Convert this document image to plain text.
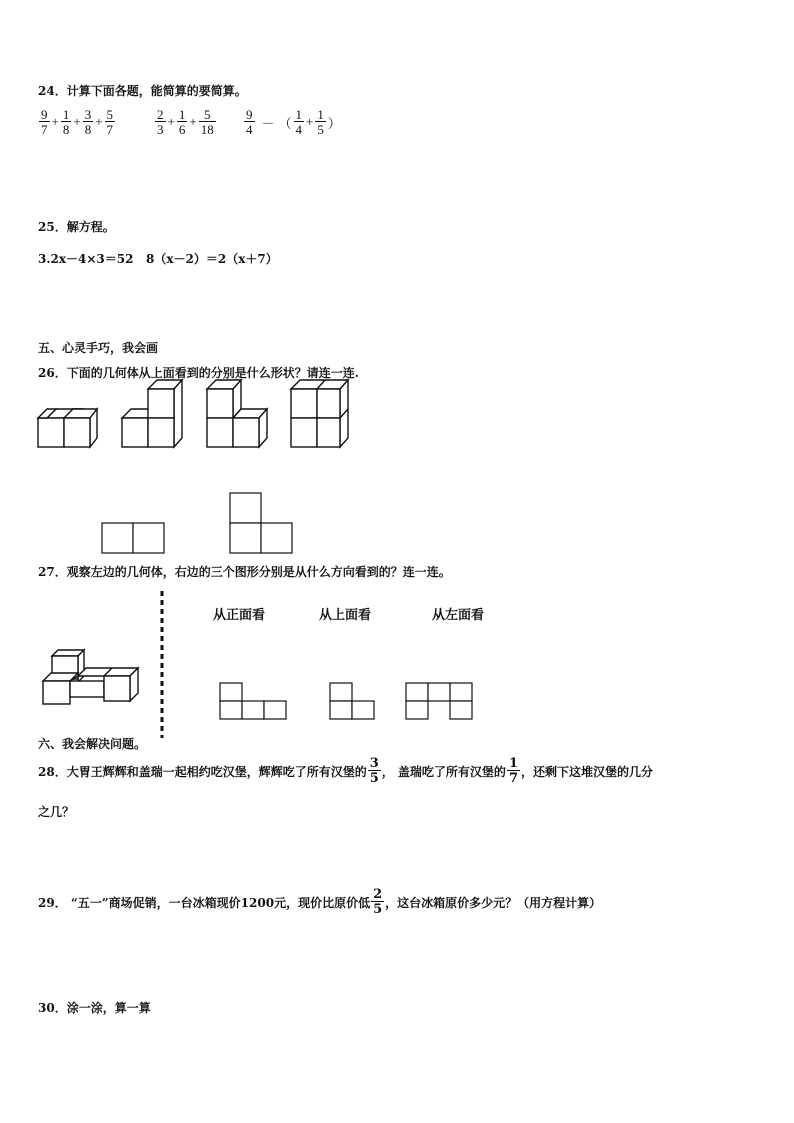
24．计算下面各题，能简算的要简算。
$\frac{9}{7} + \frac{1}{8} + \frac{3}{8} + \frac{5}{7}$	$\frac{2}{3} + \frac{1}{6} + \frac{5}{18} \frac{9}{4}$ － （ $\frac{1}{4} + \frac{1}{5}$ ）
25．解方程。
3.2x－4×3＝52 8（x－2）＝2（x＋7）
五、心灵手巧，我会画
26．下面的几何体从上面看到的分别是什么形状？请连一连.
27．观察左边的几何体，右边的三个图形分别是从什么方向看到的？连一连。
从正面看	从上面看	从左面看
六、我会解决问题。
28．大胃王辉辉和盖瑞一起相约吃汉堡，辉辉吃了所有汉堡的 $\frac{3}{5}$ ， 盖瑞吃了所有汉堡的 $\frac{1}{7}$ ，还剩下这堆汉堡的几分
之几？
29． “五一”商场促销，一台冰箱现价1200元，现价比原价低 $\frac{2}{5}$ ，这台冰箱原价多少元？（用方程计算）
30．涂一涂，算一算
